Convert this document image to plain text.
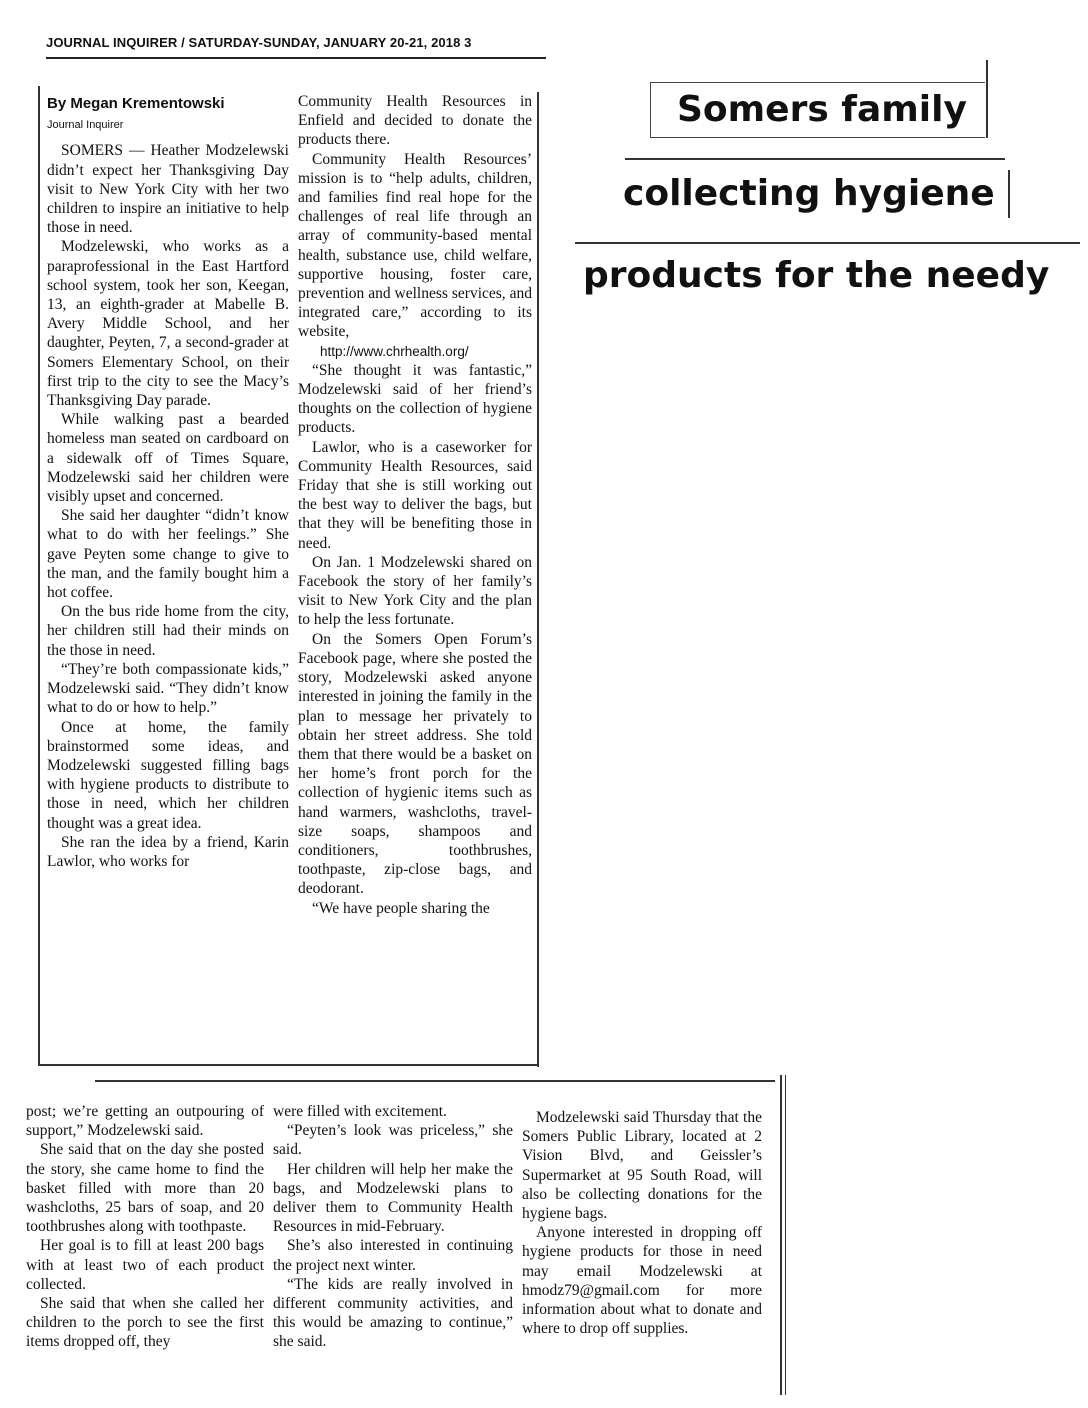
JOURNAL INQUIRER / SATURDAY-SUNDAY, JANUARY 20-21, 2018 3
Somers family
collecting hygiene
products for the needy
By Megan Krementowski
Journal Inquirer

SOMERS — Heather Modzelewski didn’t expect her Thanksgiving Day visit to New York City with her two children to inspire an initiative to help those in need.

Modzelewski, who works as a paraprofessional in the East Hartford school system, took her son, Keegan, 13, an eighth-grader at Mabelle B. Avery Middle School, and her daughter, Peyten, 7, a second-grader at Somers Elementary School, on their first trip to the city to see the Macy’s Thanksgiving Day parade.

While walking past a bearded homeless man seated on cardboard on a sidewalk off of Times Square, Modzelewski said her children were visibly upset and concerned.

She said her daughter “didn’t know what to do with her feelings.” She gave Peyten some change to give to the man, and the family bought him a hot coffee.

On the bus ride home from the city, her children still had their minds on the those in need.

“They’re both compassionate kids,” Modzelewski said. “They didn’t know what to do or how to help.”

Once at home, the family brainstormed some ideas, and Modzelewski suggested filling bags with hygiene products to distribute to those in need, which her children thought was a great idea.

She ran the idea by a friend, Karin Lawlor, who works for

Community Health Resources in Enfield and decided to donate the products there.

Community Health Resources’ mission is to “help adults, children, and families find real hope for the challenges of real life through an array of community-based mental health, substance use, child welfare, supportive housing, foster care, prevention and wellness services, and integrated care,” according to its website,

http://www.chrhealth.org/

“She thought it was fantastic,” Modzelewski said of her friend’s thoughts on the collection of hygiene products.

Lawlor, who is a caseworker for Community Health Resources, said Friday that she is still working out the best way to deliver the bags, but that they will be benefiting those in need.

On Jan. 1 Modzelewski shared on Facebook the story of her family’s visit to New York City and the plan to help the less fortunate.

On the Somers Open Forum’s Facebook page, where she posted the story, Modzelewski asked anyone interested in joining the family in the plan to message her privately to obtain her street address. She told them that there would be a basket on her home’s front porch for the collection of hygienic items such as hand warmers, washcloths, travel-size soaps, shampoos and conditioners, toothbrushes, toothpaste, zip-close bags, and deodorant.

“We have people sharing the

post; we’re getting an outpouring of support,” Modzelewski said.

She said that on the day she posted the story, she came home to find the basket filled with more than 20 washcloths, 25 bars of soap, and 20 toothbrushes along with toothpaste.

Her goal is to fill at least 200 bags with at least two of each product collected.

She said that when she called her children to the porch to see the first items dropped off, they

were filled with excitement.

“Peyten’s look was priceless,” she said.

Her children will help her make the bags, and Modzelewski plans to deliver them to Community Health Resources in mid-February.

She’s also interested in continuing the project next winter.

“The kids are really involved in different community activities, and this would be amazing to continue,” she said.

Modzelewski said Thursday that the Somers Public Library, located at 2 Vision Blvd, and Geissler’s Supermarket at 95 South Road, will also be collecting donations for the hygiene bags.

Anyone interested in dropping off hygiene products for those in need may email Modzelewski at hmodz79@gmail.com for more information about what to donate and where to drop off supplies.
